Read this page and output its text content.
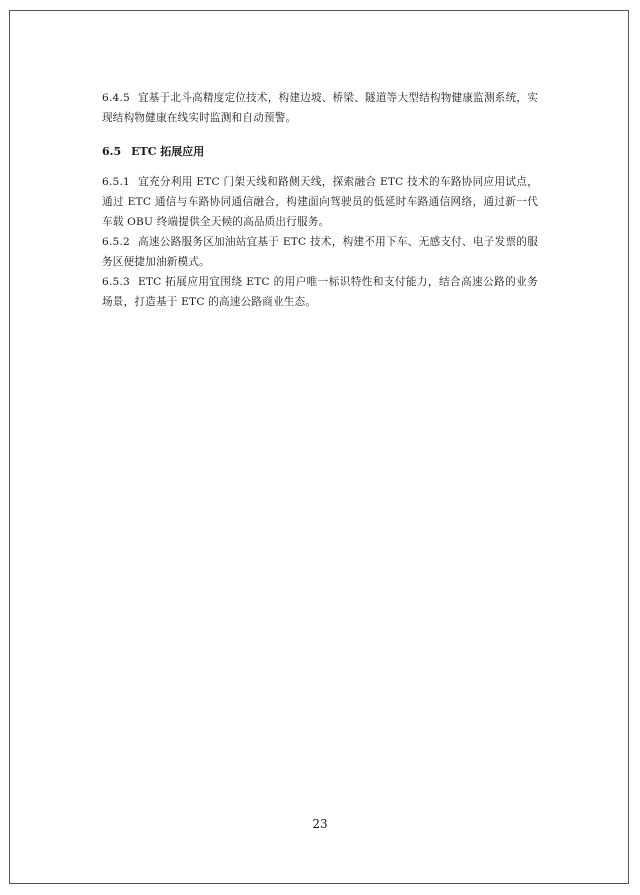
6.4.5 宜基于北斗高精度定位技术，构建边坡、桥梁、隧道等大型结构物健康监测系统，实现结构物健康在线实时监测和自动预警。

6.5 ETC 拓展应用

6.5.1 宜充分利用 ETC 门架天线和路侧天线，探索融合 ETC 技术的车路协同应用试点，通过 ETC 通信与车路协同通信融合，构建面向驾驶员的低延时车路通信网络，通过新一代车载 OBU 终端提供全天候的高品质出行服务。

6.5.2 高速公路服务区加油站宜基于 ETC 技术，构建不用下车、无感支付、电子发票的服务区便捷加油新模式。

6.5.3 ETC 拓展应用宜围绕 ETC 的用户唯一标识特性和支付能力，结合高速公路的业务场景，打造基于 ETC 的高速公路商业生态。

23
